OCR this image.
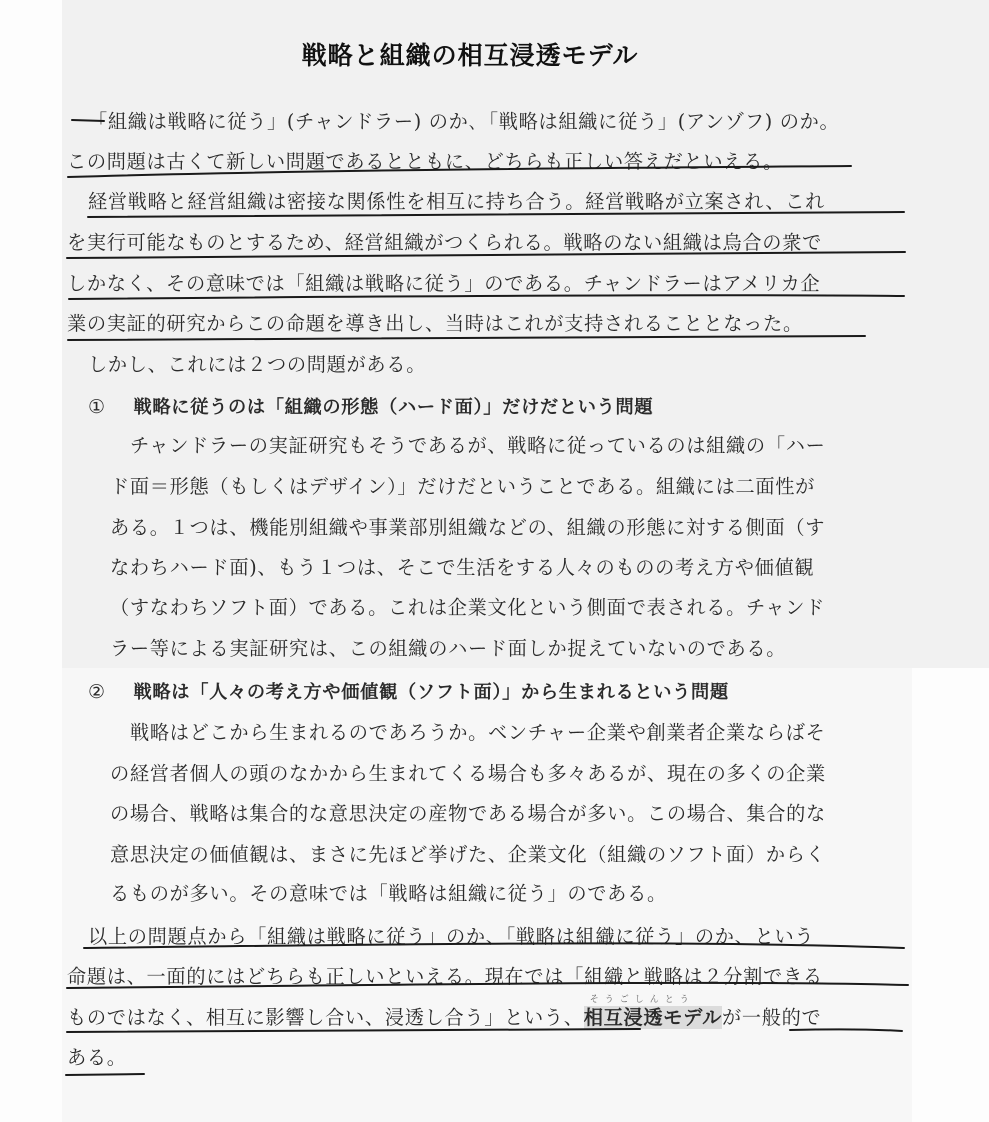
戦略と組織の相互浸透モデル
「組織は戦略に従う」(チャンドラー) のか､「戦略は組織に従う」(アンゾフ) のか。
この問題は古くて新しい問題であるとともに、どちらも正しい答えだといえる。
経営戦略と経営組織は密接な関係性を相互に持ち合う。経営戦略が立案され、これ
を実行可能なものとするため、経営組織がつくられる。戦略のない組織は烏合の衆で
しかなく、その意味では「組織は戦略に従う」のである。チャンドラーはアメリカ企
業の実証的研究からこの命題を導き出し、当時はこれが支持されることとなった。
しかし、これには２つの問題がある。
① 戦略に従うのは「組織の形態（ハード面）」だけだという問題
チャンドラーの実証研究もそうであるが、戦略に従っているのは組織の「ハー
ド面＝形態（もしくはデザイン）」だけだということである。組織には二面性が
ある。１つは、機能別組織や事業部別組織などの、組織の形態に対する側面（す
なわちハード面)、もう１つは、そこで生活をする人々のものの考え方や価値観
（すなわちソフト面）である。これは企業文化という側面で表される。チャンド
ラー等による実証研究は、この組織のハード面しか捉えていないのである。
② 戦略は「人々の考え方や価値観（ソフト面）」から生まれるという問題
戦略はどこから生まれるのであろうか。ベンチャー企業や創業者企業ならばそ
の経営者個人の頭のなかから生まれてくる場合も多々あるが、現在の多くの企業
の場合、戦略は集合的な意思決定の産物である場合が多い。この場合、集合的な
意思決定の価値観は、まさに先ほど挙げた、企業文化（組織のソフト面）からく
るものが多い。その意味では「戦略は組織に従う」のである。
以上の問題点から「組織は戦略に従う」のか、「戦略は組織に従う」のか、という
命題は、一面的にはどちらも正しいといえる。現在では「組織と戦略は２分割できる
ものではなく、相互に影響し合い、浸透し合う」という、
そうごしんとう
相互浸透モデルが一般的で
ある。
